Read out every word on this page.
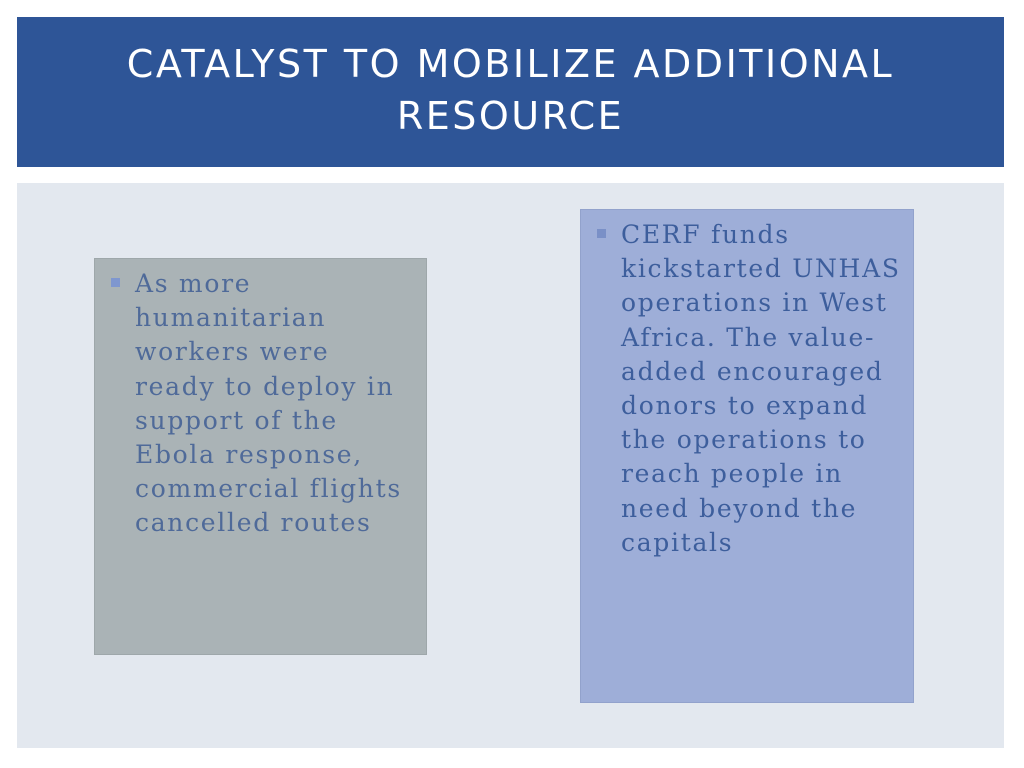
CATALYST TO MOBILIZE ADDITIONAL RESOURCE
As more humanitarian workers were ready to deploy in support of the Ebola response, commercial flights cancelled routes
CERF funds kickstarted UNHAS operations in West Africa. The value-added encouraged donors to expand the operations to reach people in need beyond the capitals
